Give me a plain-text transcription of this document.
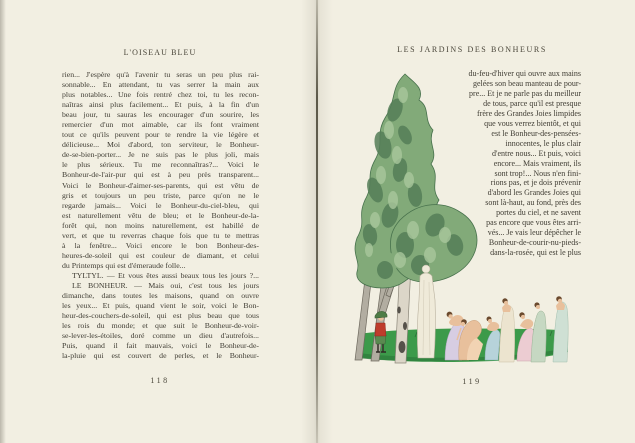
L'OISEAU BLEU
rien... J'espère qu'à l'avenir tu seras un peu plus rai-
sonnable... En attendant, tu vas serrer la main aux
plus notables... Une fois rentré chez toi, tu les recon-
naîtras ainsi plus facilement... Et puis, à la fin d'un
beau jour, tu sauras les encourager d'un sourire, les
remercier d'un mot aimable, car ils font vraiment
tout ce qu'ils peuvent pour te rendre la vie légère et
délicieuse... Moi d'abord, ton serviteur, le Bonheur-
de-se-bien-porter... Je ne suis pas le plus joli, mais
le plus sérieux. Tu me reconnaîtras?... Voici le
Bonheur-de-l'air-pur qui est à peu près transparent...
Voici le Bonheur-d'aimer-ses-parents, qui est vêtu de
gris et toujours un peu triste, parce qu'on ne le
regarde jamais... Voici le Bonheur-du-ciel-bleu, qui
est naturellement vêtu de bleu; et le Bonheur-de-la-
forêt qui, non moins naturellement, est habillé de
vert, et que tu reverras chaque fois que tu te mettras
à la fenêtre... Voici encore le bon Bonheur-des-
heures-de-soleil qui est couleur de diamant, et celui
du Printemps qui est d'émeraude folle...
TYLTYL. — Et vous êtes aussi beaux tous les jours ?...
LE BONHEUR. — Mais oui, c'est tous les jours
dimanche, dans toutes les maisons, quand on ouvre
les yeux... Et puis, quand vient le soir, voici le Bon-
heur-des-couchers-de-soleil, qui est plus beau que tous
les rois du monde; et que suit le Bonheur-de-voir-
se-lever-les-étoiles, doré comme un dieu d'autrefois...
Puis, quand il fait mauvais, voici le Bonheur-de-
la-pluie qui est couvert de perles, et le Bonheur-
118
LES JARDINS DES BONHEURS
du-feu-d'hiver qui ouvre aux mains
gelées son beau manteau de pour-
pre... Et je ne parle pas du meilleur
de tous, parce qu'il est presque
frère des Grandes Joies limpides
que vous verrez bientôt, et qui
est le Bonheur-des-pensées-
innocentes, le plus clair
d'entre nous... Et puis, voici
encore... Mais vraiment, ils
sont trop!... Nous n'en fini-
rions pas, et je dois prévenir
d'abord les Grandes Joies qui
sont là-haut, au fond, près des
portes du ciel, et ne savent
pas encore que vous êtes arri-
vés... Je vais leur dépêcher le
Bonheur-de-courir-nu-pieds-
dans-la-rosée, qui est le plus
119
